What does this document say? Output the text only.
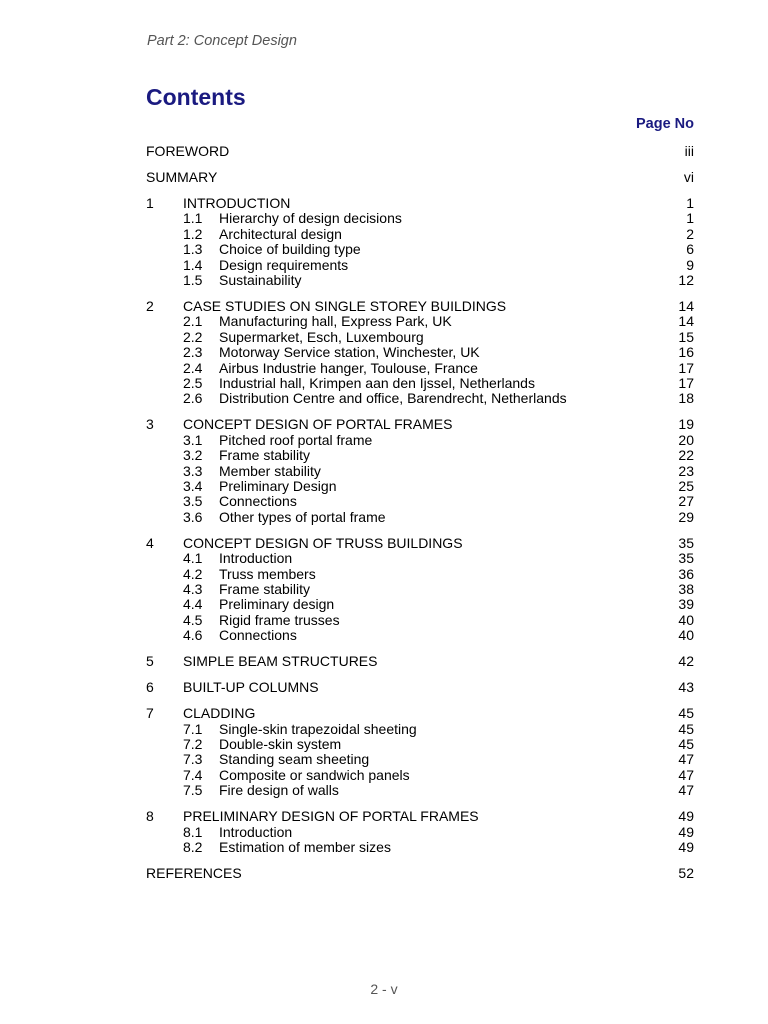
Part 2: Concept Design
Contents
Page No
FOREWORD	iii
SUMMARY	vi
1 INTRODUCTION	1
1.1 Hierarchy of design decisions	1
1.2 Architectural design	2
1.3 Choice of building type	6
1.4 Design requirements	9
1.5 Sustainability	12
2 CASE STUDIES ON SINGLE STOREY BUILDINGS	14
2.1 Manufacturing hall, Express Park, UK	14
2.2 Supermarket, Esch, Luxembourg	15
2.3 Motorway Service station, Winchester, UK	16
2.4 Airbus Industrie hanger, Toulouse, France	17
2.5 Industrial hall, Krimpen aan den Ijssel, Netherlands	17
2.6 Distribution Centre and office, Barendrecht, Netherlands	18
3 CONCEPT DESIGN OF PORTAL FRAMES	19
3.1 Pitched roof portal frame	20
3.2 Frame stability	22
3.3 Member stability	23
3.4 Preliminary Design	25
3.5 Connections	27
3.6 Other types of portal frame	29
4 CONCEPT DESIGN OF TRUSS BUILDINGS	35
4.1 Introduction	35
4.2 Truss members	36
4.3 Frame stability	38
4.4 Preliminary design	39
4.5 Rigid frame trusses	40
4.6 Connections	40
5 SIMPLE BEAM STRUCTURES	42
6 BUILT-UP COLUMNS	43
7 CLADDING	45
7.1 Single-skin trapezoidal sheeting	45
7.2 Double-skin system	45
7.3 Standing seam sheeting	47
7.4 Composite or sandwich panels	47
7.5 Fire design of walls	47
8 PRELIMINARY DESIGN OF PORTAL FRAMES	49
8.1 Introduction	49
8.2 Estimation of member sizes	49
REFERENCES	52
2 - v
